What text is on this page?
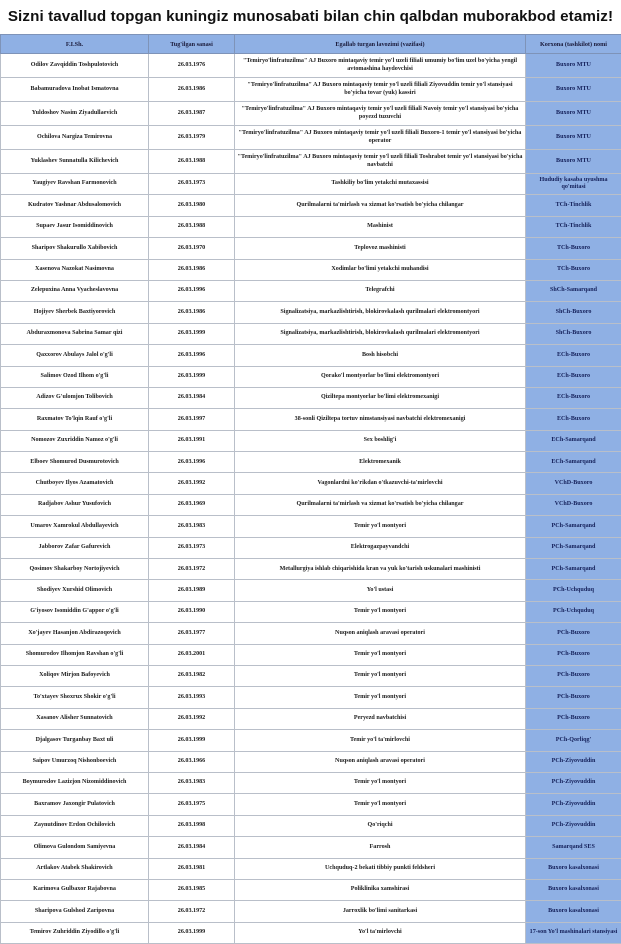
Sizni tavallud topgan kuningiz munosabati bilan chin qalbdan muborakbod etamiz!
F.I.Sh.	Tug'ilgan sanasi	Egallab turgan lavozimi (vazifasi)	Korxona (tashkilot) nomi
Odilov Zavqiddin Toshpulotovich	26.03.1976	"Temiryo'linfratuzilma" AJ Buxoro mintaqaviy temir yo'l uzeli filiali umumiy bo'lim uzel bo'yicha yengil avtomashina haydovchisi	Buxoro MTU
Babamuradova Inobat Ismatovna	26.03.1986	"Temiryo'linfratuzilma" AJ Buxoro mintaqaviy temir yo'l uzeli filiali Ziyovuddin temir yo'l stansiyasi bo'yicha tovar (yuk) kassiri	Buxoro MTU
Yuldoshov Nasim Ziyadullaevich	26.03.1987	"Temiryo'linfratuzilma" AJ Buxoro mintaqaviy temir yo'l uzeli filiali Navoiy temir yo'l stansiyasi bo'yicha poyezd tuzuvchi	Buxoro MTU
Ochilova Nargiza Temirovna	26.03.1979	"Temiryo'linfratuzilma" AJ Buxoro mintaqaviy temir yo'l uzeli filiali Buxoro-1 temir yo'l stansiyasi bo'yicha operator	Buxoro MTU
Yuklashev Sunnatulla Kilichevich	26.03.1988	"Temiryo'linfratuzilma" AJ Buxoro mintaqaviy temir yo'l uzeli filiali Toshrabot temir yo'l stansiyasi bo'yicha navbatchi	Buxoro MTU
Yaugiyev Ravshan Farmonovich	26.03.1973	Tashkiliy bo'lim yetakchi mutaxassisi	Hududiy kasaba uyushma qo'mitasi
Kudratov Yashnar Abdusalomovich	26.03.1980	Qurilmalarni ta'mirlash va xizmat ko'rsatish bo'yicha chilangar	TCh-Tinchlik
Supaev Jasur Isomiddinovich	26.03.1988	Mashinist	TCh-Tinchlik
Sharipov Shakurullo Xabibovich	26.03.1970	Teplovoz mashinisti	TCh-Buxoro
Xasenova Nazokat Nasimovna	26.03.1986	Xodimlar bo'limi yetakchi muhandisi	TCh-Buxoro
Zelepuxina Anna Vyacheslavovna	26.03.1996	Telegrafchi	ShCh-Samarqand
Hojiyev Sherbek Baxtiyorovich	26.03.1986	Signalizatsiya, markazlishtirish, blokirovkalash qurilmalari elektromontyori	ShCh-Buxoro
Abduraxmonova Sabrina Samar qizi	26.03.1999	Signalizatsiya, markazlishtirish, blokirovkalash qurilmalari elektromontyori	ShCh-Buxoro
Qaxxorov Abulays Jalol o'g'li	26.03.1996	Bosh hisobchi	ECh-Buxoro
Salimov Ozod Ilhom o'g'li	26.03.1999	Qorako'l montyorlar bo'limi elektromontyori	ECh-Buxoro
Adizov G'ulomjon Tolibovich	26.03.1984	Qiziltepa montyorlar bo'limi elektromexanigi	ECh-Buxoro
Raxmatov To'lqin Rauf o'g'li	26.03.1997	38-sonli Qiziltepa tortuv nimstansiyasi navbatchi elektromexanigi	ECh-Buxoro
Nomozov Zuxriddin Namoz o'g'li	26.03.1991	Sex boshlig'i	ECh-Samarqand
Elboev Shomurod Dusmurotovich	26.03.1996	Elektromexanik	ECh-Samarqand
Chutboyev Ilyos Azamatovich	26.03.1992	Vagonlardni ko'rikdan o'tkazuvchi-ta'mirlovchi	VChD-Buxoro
Radjabov Ashur Yusufovich	26.03.1969	Qurilmalarni ta'mirlash va xizmat ko'rsatish bo'yicha chilangar	VChD-Buxoro
Umarov Xamrokul Abdullayevich	26.03.1983	Temir yo'l montyori	PCh-Samarqand
Jabborov Zafar Gafurevich	26.03.1973	Elektrogazpayvandchi	PCh-Samarqand
Qosimov Shakarboy Nortojiyevich	26.03.1972	Metallurgiya ishlab chiqarishida kran va yuk ko'tarish uskunalari mashinisti	PCh-Samarqand
Shodiyev Xurshid Olimovich	26.03.1989	Yo'l ustasi	PCh-Uchquduq
G'iyosov Isomiddin G'appor o'g'li	26.03.1990	Temir yo'l montyori	PCh-Uchquduq
Xo'jayev Hasanjon Abdirazoqovich	26.03.1977	Nuqson aniqlash aravasi operatori	PCh-Buxoro
Shomurodov Ilhomjon Ravshan o'g'li	26.03.2001	Temir yo'l montyori	PCh-Buxoro
Xoliqov Mirjon Bafoyevich	26.03.1982	Temir yo'l montyori	PCh-Buxoro
To'xtayev Shoxrux Shokir o'g'li	26.03.1993	Temir yo'l montyori	PCh-Buxoro
Xasanov Alisher Sunnatovich	26.03.1992	Peryezd navbatchisi	PCh-Buxoro
Djalgasov Turganbay Baxt uli	26.03.1999	Temir yo'l ta'mirlovchi	PCh-Qorliqg'
Saipov Umurzoq Nishonboevich	26.03.1966	Nuqson aniqlash aravasi operatori	PCh-Ziyovuddin
Boymurodov Lazizjon Nizomiddinovich	26.03.1983	Temir yo'l montyori	PCh-Ziyovuddin
Baxramov Jaxongir Pulatovich	26.03.1975	Temir yo'l montyori	PCh-Ziyovuddin
Zaynutdinov Erdon Ochilovich	26.03.1998	Qo'riqchi	PCh-Ziyovuddin
Olimova Gulondom Samiyevna	26.03.1984	Farrosh	Samarqand SES
Artlakov Atabek Shakirovich	26.03.1981	Uchquduq-2 bekati tibbiy punkti feldsheri	Buxoro kasalxonasi
Karimova Gulbaxor Rajabovna	26.03.1985	Poliklinika xamshirasi	Buxoro kasalxonasi
Sharipova Gulshod Zaripovna	26.03.1972	Jarroxlik bo'limi sanitarkasi	Buxoro kasalxonasi
Temirov Zuhriddin Ziyodillo o'g'li	26.03.1999	Yo'l ta'mirlovchi	17-son Yo'l mashinalari stansiyasi
